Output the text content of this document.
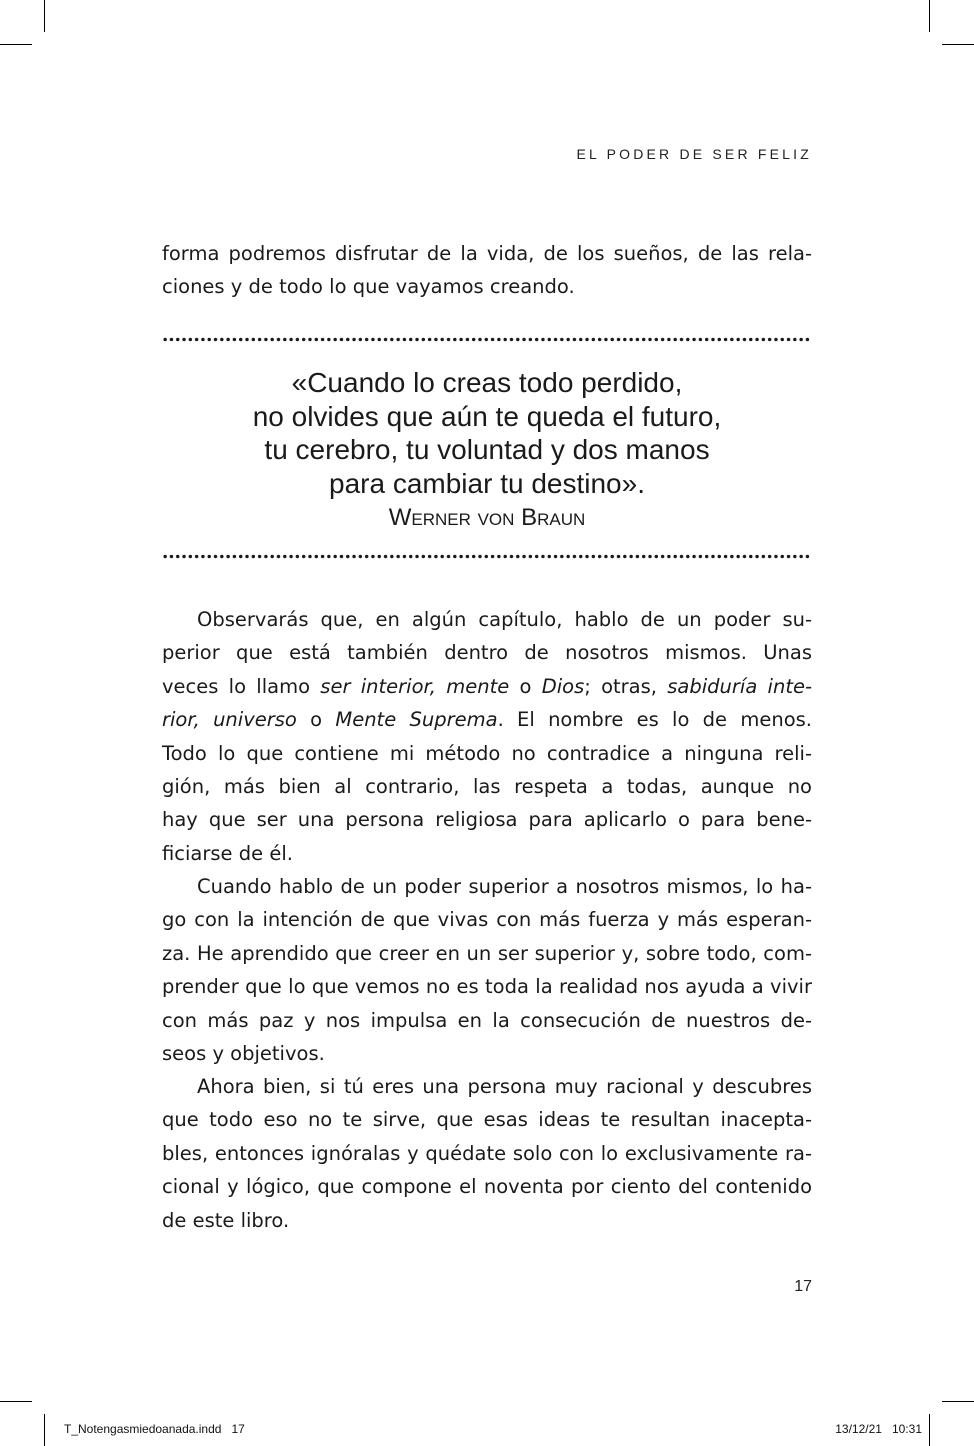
EL PODER DE SER FELIZ
forma podremos disfrutar de la vida, de los sueños, de las rela-
ciones y de todo lo que vayamos creando.
«Cuando lo creas todo perdido,
no olvides que aún te queda el futuro,
tu cerebro, tu voluntad y dos manos
para cambiar tu destino».
Werner von Braun
Observarás que, en algún capítulo, hablo de un poder su-
perior que está también dentro de nosotros mismos. Unas
veces lo llamo ser interior, mente o Dios; otras, sabiduría inte-
rior, universo o Mente Suprema. El nombre es lo de menos.
Todo lo que contiene mi método no contradice a ninguna reli-
gión, más bien al contrario, las respeta a todas, aunque no
hay que ser una persona religiosa para aplicarlo o para bene-
ficiarse de él.
Cuando hablo de un poder superior a nosotros mismos, lo ha-
go con la intención de que vivas con más fuerza y más esperan-
za. He aprendido que creer en un ser superior y, sobre todo, com-
prender que lo que vemos no es toda la realidad nos ayuda a vivir
con más paz y nos impulsa en la consecución de nuestros de-
seos y objetivos.
Ahora bien, si tú eres una persona muy racional y descubres
que todo eso no te sirve, que esas ideas te resultan inacepta-
bles, entonces ignóralas y quédate solo con lo exclusivamente ra-
cional y lógico, que compone el noventa por ciento del contenido
de este libro.
17
T_Notengasmiedoanada.indd   17	13/12/21   10:31
